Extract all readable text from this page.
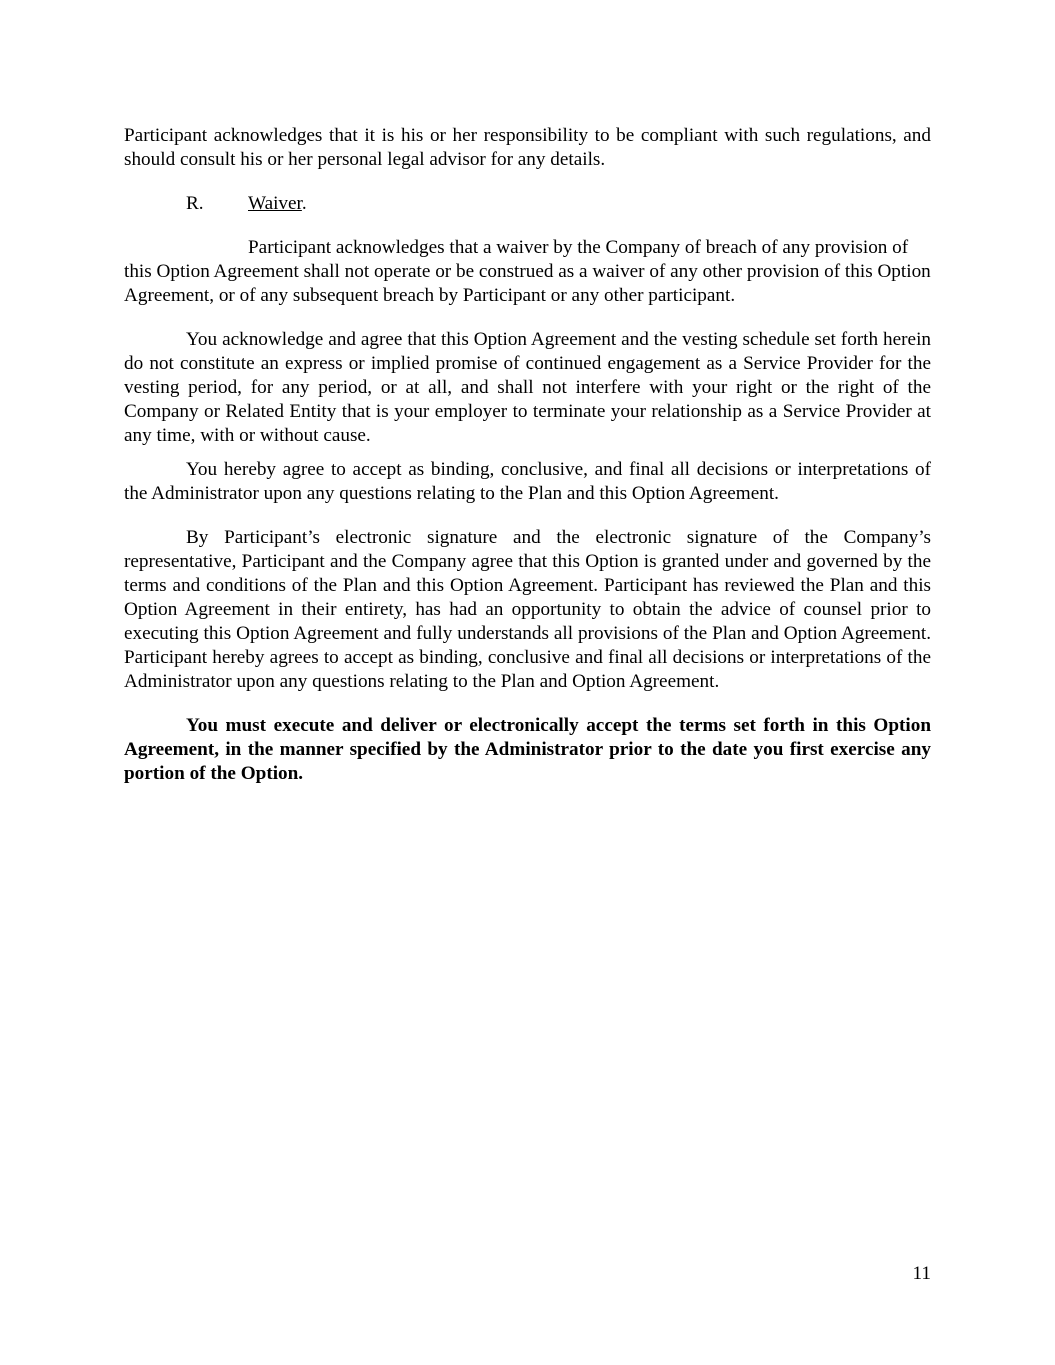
Participant acknowledges that it is his or her responsibility to be compliant with such regulations, and should consult his or her personal legal advisor for any details.

R.	Waiver.

Participant acknowledges that a waiver by the Company of breach of any provision of this Option Agreement shall not operate or be construed as a waiver of any other provision of this Option Agreement, or of any subsequent breach by Participant or any other participant.

You acknowledge and agree that this Option Agreement and the vesting schedule set forth herein do not constitute an express or implied promise of continued engagement as a Service Provider for the vesting period, for any period, or at all, and shall not interfere with your right or the right of the Company or Related Entity that is your employer to terminate your relationship as a Service Provider at any time, with or without cause.

You hereby agree to accept as binding, conclusive, and final all decisions or interpretations of the Administrator upon any questions relating to the Plan and this Option Agreement.

By Participant’s electronic signature and the electronic signature of the Company’s representative, Participant and the Company agree that this Option is granted under and governed by the terms and conditions of the Plan and this Option Agreement. Participant has reviewed the Plan and this Option Agreement in their entirety, has had an opportunity to obtain the advice of counsel prior to executing this Option Agreement and fully understands all provisions of the Plan and Option Agreement. Participant hereby agrees to accept as binding, conclusive and final all decisions or interpretations of the Administrator upon any questions relating to the Plan and Option Agreement.

You must execute and deliver or electronically accept the terms set forth in this Option Agreement, in the manner specified by the Administrator prior to the date you first exercise any portion of the Option.

11
